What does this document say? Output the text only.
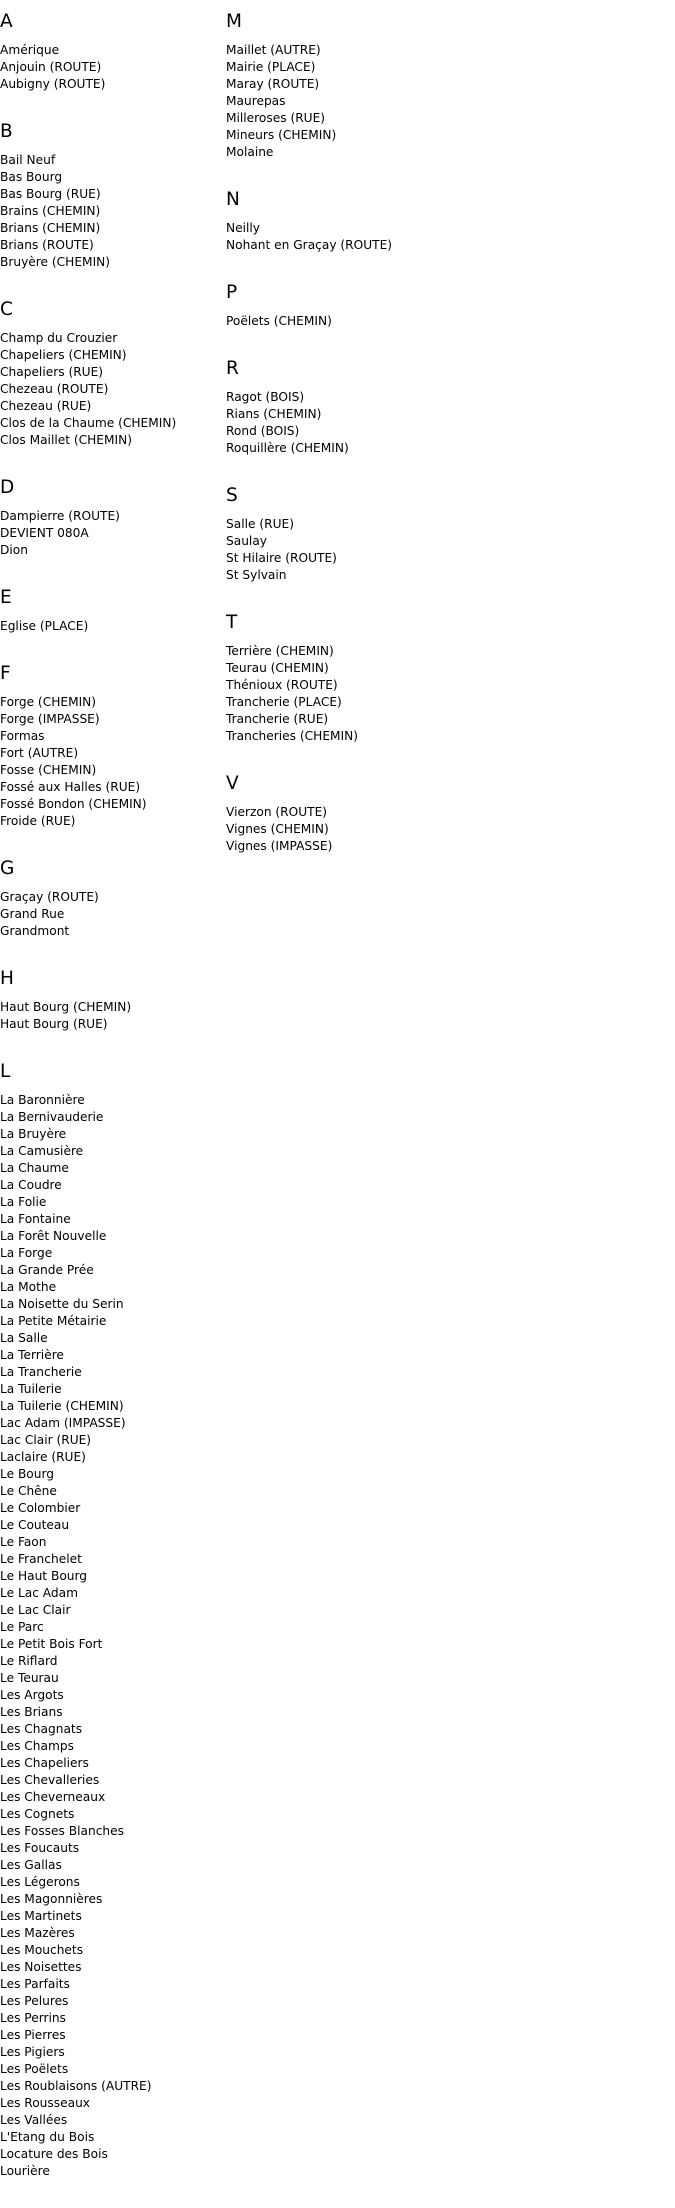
A
Amérique
Anjouin (ROUTE)
Aubigny (ROUTE)
B
Bail Neuf
Bas Bourg
Bas Bourg (RUE)
Brains (CHEMIN)
Brians (CHEMIN)
Brians (ROUTE)
Bruyère (CHEMIN)
C
Champ du Crouzier
Chapeliers (CHEMIN)
Chapeliers (RUE)
Chezeau (ROUTE)
Chezeau (RUE)
Clos de la Chaume (CHEMIN)
Clos Maillet (CHEMIN)
D
Dampierre (ROUTE)
DEVIENT 080A
Dion
E
Eglise (PLACE)
F
Forge (CHEMIN)
Forge (IMPASSE)
Formas
Fort (AUTRE)
Fosse (CHEMIN)
Fossé aux Halles (RUE)
Fossé Bondon (CHEMIN)
Froide (RUE)
G
Graçay (ROUTE)
Grand Rue
Grandmont
H
Haut Bourg (CHEMIN)
Haut Bourg (RUE)
L
La Baronnière
La Bernivauderie
La Bruyère
La Camusière
La Chaume
La Coudre
La Folie
La Fontaine
La Forêt Nouvelle
La Forge
La Grande Prée
La Mothe
La Noisette du Serin
La Petite Métairie
La Salle
La Terrière
La Trancherie
La Tuilerie
La Tuilerie (CHEMIN)
Lac Adam (IMPASSE)
Lac Clair (RUE)
Laclaire (RUE)
Le Bourg
Le Chêne
Le Colombier
Le Couteau
Le Faon
Le Franchelet
Le Haut Bourg
Le Lac Adam
Le Lac Clair
Le Parc
Le Petit Bois Fort
Le Riflard
Le Teurau
Les Argots
Les Brians
Les Chagnats
Les Champs
Les Chapeliers
Les Chevalleries
Les Cheverneaux
Les Cognets
Les Fosses Blanches
Les Foucauts
Les Gallas
Les Légerons
Les Magonnières
Les Martinets
Les Mazères
Les Mouchets
Les Noisettes
Les Parfaits
Les Pelures
Les Perrins
Les Pierres
Les Pigiers
Les Poëlets
Les Roublaisons (AUTRE)
Les Rousseaux
Les Vallées
L'Etang du Bois
Locature des Bois
Lourière
M
Maillet (AUTRE)
Mairie (PLACE)
Maray (ROUTE)
Maurepas
Milleroses (RUE)
Mineurs (CHEMIN)
Molaine
N
Neilly
Nohant en Graçay (ROUTE)
P
Poëlets (CHEMIN)
R
Ragot (BOIS)
Rians (CHEMIN)
Rond (BOIS)
Roquillère (CHEMIN)
S
Salle (RUE)
Saulay
St Hilaire (ROUTE)
St Sylvain
T
Terrière (CHEMIN)
Teurau (CHEMIN)
Thénioux (ROUTE)
Trancherie (PLACE)
Trancherie (RUE)
Trancheries (CHEMIN)
V
Vierzon (ROUTE)
Vignes (CHEMIN)
Vignes (IMPASSE)
